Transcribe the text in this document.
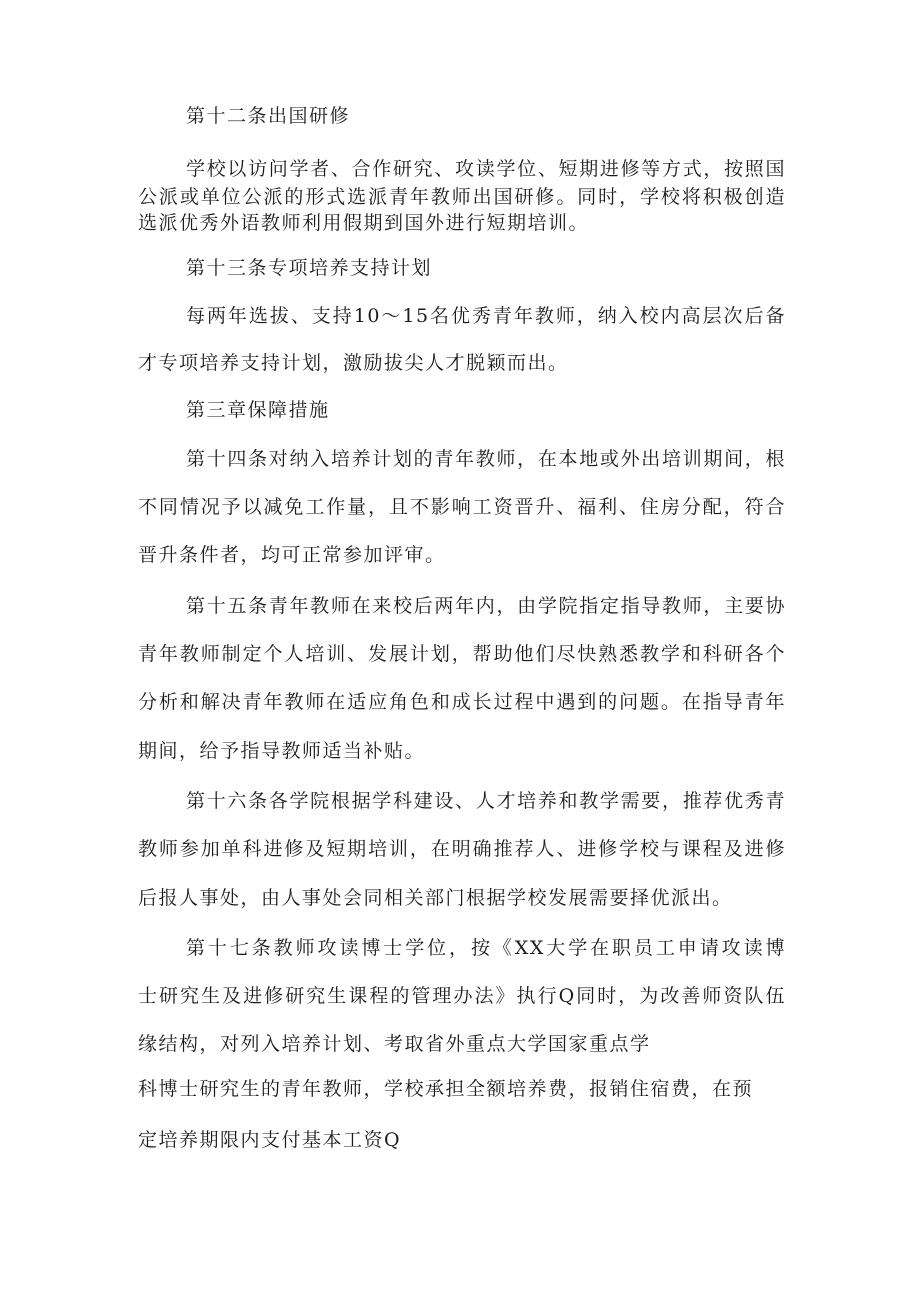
第十二条出国研修
学校以访问学者、合作研究、攻读学位、短期进修等方式，按照国
公派或单位公派的形式选派青年教师出国研修。同时，学校将积极创造
选派优秀外语教师利用假期到国外进行短期培训。
第十三条专项培养支持计划
每两年选拔、支持10～15名优秀青年教师，纳入校内高层次后备
才专项培养支持计划，激励拔尖人才脱颖而出。
第三章保障措施
第十四条对纳入培养计划的青年教师，在本地或外出培训期间，根
不同情况予以减免工作量，且不影响工资晋升、福利、住房分配，符合
晋升条件者，均可正常参加评审。
第十五条青年教师在来校后两年内，由学院指定指导教师，主要协
青年教师制定个人培训、发展计划，帮助他们尽快熟悉教学和科研各个
分析和解决青年教师在适应角色和成长过程中遇到的问题。在指导青年
期间，给予指导教师适当补贴。
第十六条各学院根据学科建设、人才培养和教学需要，推荐优秀青
教师参加单科进修及短期培训，在明确推荐人、进修学校与课程及进修
后报人事处，由人事处会同相关部门根据学校发展需要择优派出。
第十七条教师攻读博士学位，按《XX大学在职员工申请攻读博
士研究生及进修研究生课程的管理办法》执行Q同时，为改善师资队伍
缘结构，对列入培养计划、考取省外重点大学国家重点学
科博士研究生的青年教师，学校承担全额培养费，报销住宿费，在预
定培养期限内支付基本工资Q
